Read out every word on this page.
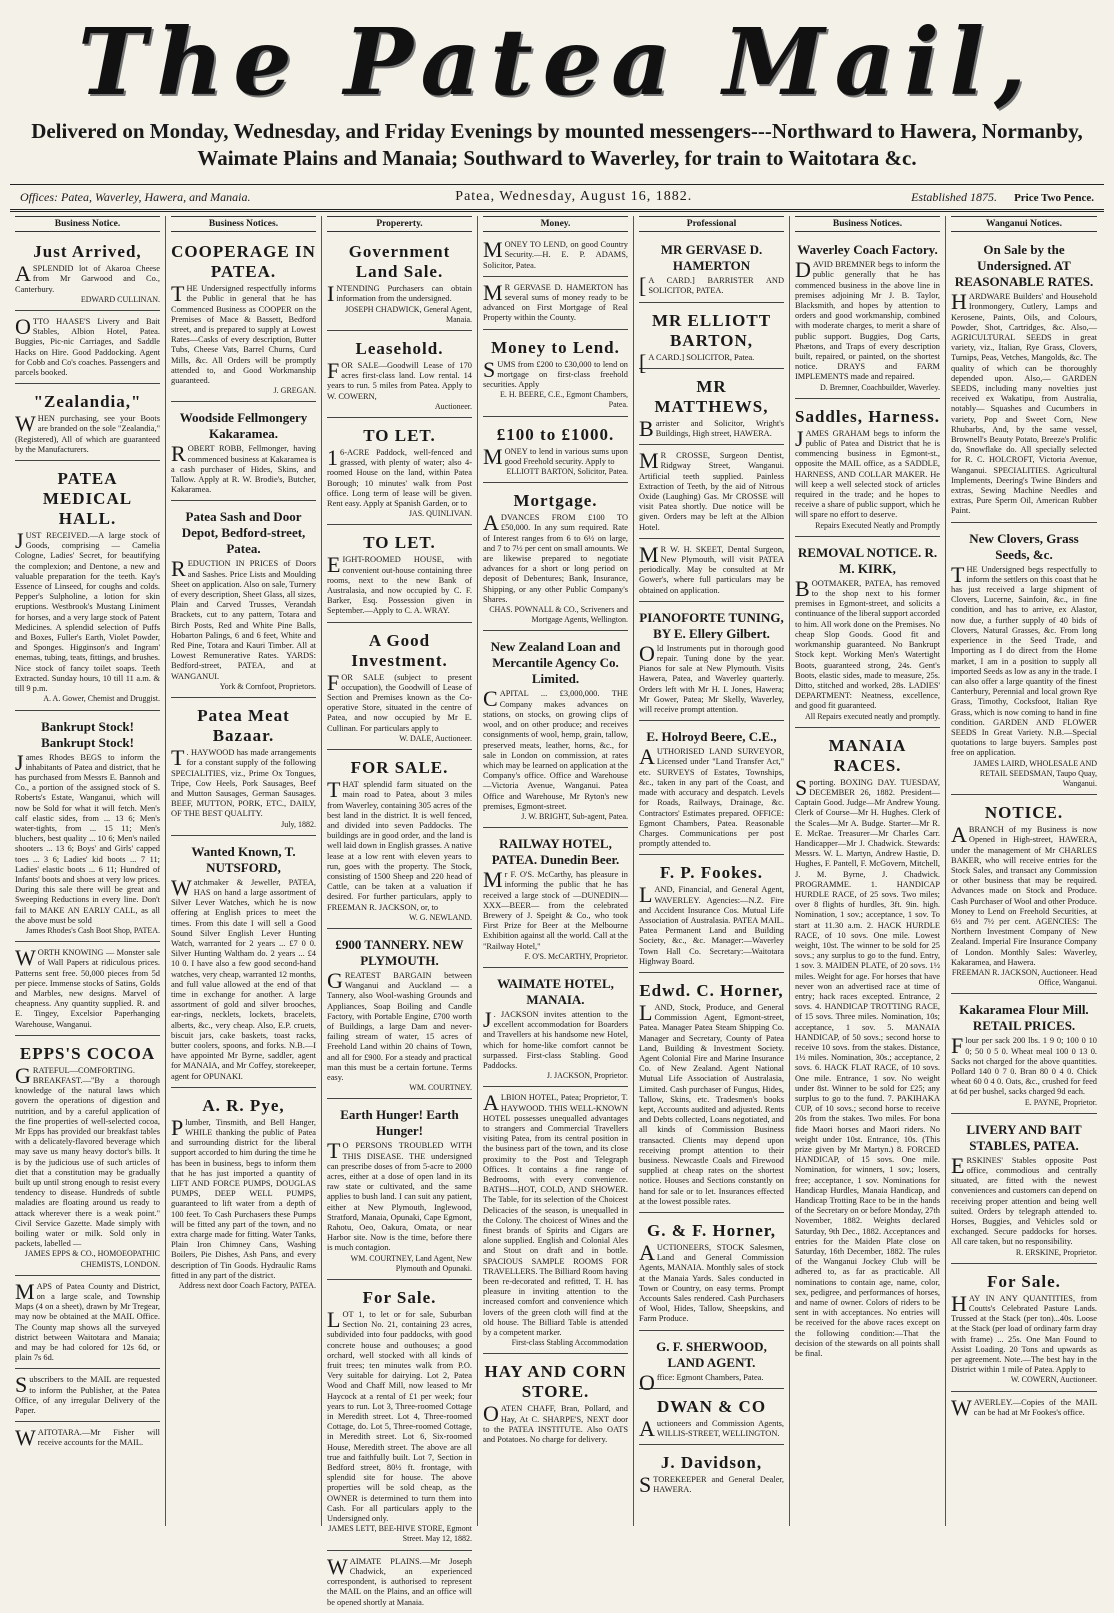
The Patea Mail,
Delivered on Monday, Wednesday, and Friday Evenings by mounted messengers---Northward to Hawera, Normanby, Waimate Plains and Manaia; Southward to Waverley, for train to Waitotara &c.
Offices: Patea, Waverley, Hawera, and Manaia.	Patea, Wednesday, August 16, 1882.	Established 1875. Price Two Pence.
Business Notice.
Just Arrived,
A SPLENDID lot of Akaroa Cheese from Mr Garwood and Co., Canterbury.
EDWARD CULLINAN.
OTTO HAASE'S Livery and Bait Stables, Albion Hotel, Patea. Buggies, Pic-nic Carriages, and Saddle Hacks on Hire. Good Paddocking. Agent for Cobb and Co's coaches. Passengers and parcels booked.
"Zealandia,"
WHEN purchasing, see your Boots are branded on the sole "Zealandia," (Registered), All of which are guaranteed by the Manufacturers.
PATEA MEDICAL HALL.
JUST RECEIVED.—A large stock of Goods, comprising — Camelia Cologne, Ladies' Secret, for beautifying the complexion; and Dentone, a new and valuable preparation for the teeth. Kay's Essence of Linseed, for coughs and colds. Pepper's Sulpholine, a lotion for skin eruptions. Westbrook's Mustang Liniment for horses, and a very large stock of Patent Medicines. A splendid selection of Puffs and Boxes, Fuller's Earth, Violet Powder, and Sponges. Higginson's and Ingram' enemas, tubing, teats, fittings, and brushes. Nice stock of fancy toilet soaps. Teeth Extracted. Sunday hours, 10 till 11 a.m. & till 9 p.m.
A. A. Gower, Chemist and Druggist.
Bankrupt Stock! Bankrupt Stock!
James Rhodes BEGS to inform the inhabitants of Patea and district, that he has purchased from Messrs E. Bannoh and Co., a portion of the assigned stock of S. Roberts's Estate, Wanganui, which will now be Sold for what it will fetch. Men's calf elastic sides, from ... 13 6; Men's water-tights, from ... 15 11; Men's bluchers, best quality ... 10 6; Men's nailed shooters ... 13 6; Boys' and Girls' capped toes ... 3 6; Ladies' kid boots ... 7 11; Ladies' elastic boots ... 6 11; Hundred of Infants' boots and shoes at very low prices. During this sale there will be great and Sweeping Reductions in every line. Don't fail to MAKE AN EARLY CALL, as all the above must be sold
James Rhodes's Cash Boot Shop, PATEA.
WORTH KNOWING — Monster sale of Wall Papers at ridiculous prices. Patterns sent free. 50,000 pieces from 5d per piece. Immense stocks of Satins, Golds and Marbles, new designs. Marvel of cheapness. Any quantity supplied. R. and E. Tingey, Excelsior Paperhanging Warehouse, Wanganui.
EPPS'S COCOA
GRATEFUL—COMFORTING. BREAKFAST.—"By a thorough knowledge of the natural laws which govern the operations of digestion and nutrition, and by a careful application of the fine properties of well-selected cocoa, Mr Epps has provided our breakfast tables with a delicately-flavored beverage which may save us many heavy doctor's bills. It is by the judicious use of such articles of diet that a constitution may be gradually built up until strong enough to resist every tendency to disease. Hundreds of subtle maladies are floating around us ready to attack wherever there is a weak point." Civil Service Gazette. Made simply with boiling water or milk. Sold only in packets, labelled —
JAMES EPPS & CO., HOMOEOPATHIC CHEMISTS, LONDON.
MAPS of Patea County and District, on a large scale, and Township Maps (4 on a sheet), drawn by Mr Tregear, may now be obtained at the MAIL Office. The County map shows all the surveyed district between Waitotara and Manaia; and may be had colored for 12s 6d, or plain 7s 6d.
Subscribers to the MAIL are requested to inform the Publisher, at the Patea Office, of any irregular Delivery of the Paper.
WAITOTARA.—Mr Fisher will receive accounts for the MAIL.
Business Notices.
COOPERAGE IN PATEA.
THE Undersigned respectfully informs the Public in general that he has Commenced Business as COOPER on the Premises of Mace & Bassett, Bedford street, and is prepared to supply at Lowest Rates—Casks of every description, Butter Tubs, Cheese Vats, Barrel Churns, Curd Mills, &c. All Orders will be promptly attended to, and Good Workmanship guaranteed.
J. GREGAN.
Woodside Fellmongery Kakaramea.
ROBERT ROBB, Fellmonger, having commenced business at Kakaramea is a cash purchaser of Hides, Skins, and Tallow. Apply at R. W. Brodie's, Butcher, Kakaramea.
Patea Sash and Door Depot, Bedford-street, Patea.
REDUCTION IN PRICES of Doors and Sashes. Price Lists and Moulding Sheet on application. Also on sale, Turnery of every description, Sheet Glass, all sizes, Plain and Carved Trusses, Verandah Brackets, cut to any pattern, Totara and Birch Posts, Red and White Pine Balls, Hobarton Palings, 6 and 6 feet, White and Red Pine, Totara and Kauri Timber. All at Lowest Remunerative Rates. YARDS: Bedford-street, PATEA, and at WANGANUI.
York & Cornfoot, Proprietors.
Patea Meat Bazaar.
T . HAYWOOD has made arrangements for a constant supply of the following SPECIALITIES, viz., Prime Ox Tongues, Tripe, Cow Heels, Pork Sausages, Beef and Mutton Sausages, German Sausages. BEEF, MUTTON, PORK, ETC., DAILY, OF THE BEST QUALITY.
July, 1882.
Wanted Known, T. NUTSFORD,
Watchmaker & Jeweller, PATEA, HAS on hand a large assortment of Silver Lever Watches, which he is now offering at English prices to meet the times. From this date I will sell a Good Sound Silver English Lever Hunting Watch, warranted for 2 years ... £7 0 0. Silver Hunting Waltham do. 2 years ... £4 10 0. I have also a few good second-hand watches, very cheap, warranted 12 months, and full value allowed at the end of that time in exchange for another. A large assortment of gold and silver brooches, ear-rings, necklets, lockets, bracelets, alberts, &c., very cheap. Also, E.P. cruets, biscuit jars, cake baskets, toast racks, butter coolers, spoons, and forks. N.B.—I have appointed Mr Byrne, saddler, agent for MANAIA, and Mr Coffey, storekeeper, agent for OPUNAKI.
A. R. Pye,
Plumber, Tinsmith, and Bell Hanger, WHILE thanking the public of Patea and surrounding district for the liberal support accorded to him during the time he has been in business, begs to inform them that he has just imported a quantity of LIFT AND FORCE PUMPS, DOUGLAS PUMPS, DEEP WELL PUMPS, guaranteed to lift water from a depth of 100 feet. To Cash Purchasers these Pumps will be fitted any part of the town, and no extra charge made for fitting. Water Tanks, Plain Iron Chimney Cans, Washing Boilers, Pie Dishes, Ash Pans, and every description of Tin Goods. Hydraulic Rams fitted in any part of the district.
Address next door Coach Factory, PATEA.
Propererty.
Government Land Sale.
INTENDING Purchasers can obtain information from the undersigned.
JOSEPH CHADWICK, General Agent, Manaia.
Leasehold.
FOR SALE—Goodwill Lease of 170 acres first-class land. Low rental. 14 years to run. 5 miles from Patea. Apply to W. COWERN,
Auctioneer.
TO LET.
1 6-ACRE Paddock, well-fenced and grassed, with plenty of water; also 4-roomed House on the land, within Patea Borough; 10 minutes' walk from Post office. Long term of lease will be given. Rent easy. Apply at Spanish Garden, or to
JAS. QUINLIVAN.
TO LET.
EIGHT-ROOMED HOUSE, with convenient out-house containing three rooms, next to the new Bank of Australasia, and now occupied by C. F. Barker, Esq. Possession given in September.—Apply to C. A. WRAY.
A Good Investment.
FOR SALE (subject to present occupation), the Goodwill of Lease of Section and Premises known as the Co-operative Store, situated in the centre of Patea, and now occupied by Mr E. Cullinan. For particulars apply to
W. DALE, Auctioneer.
FOR SALE.
THAT splendid farm situated on the main road to Patea, about 3 miles from Waverley, containing 305 acres of the best land in the district. It is well fenced, and divided into seven Paddocks. The buildings are in good order, and the land is well laid down in English grasses. A native lease at a low rent with eleven years to run, goes with the property. The Stock, consisting of 1500 Sheep and 220 head of Cattle, can be taken at a valuation if desired. For further particulars, apply to FREEMAN R. JACKSON, or, to
W. G. NEWLAND.
£900 TANNERY. NEW PLYMOUTH.
GREATEST BARGAIN between Wanganui and Auckland — a Tannery, also Wool-washing Grounds and Appliances, Soap Boiling and Candle Factory, with Portable Engine, £700 worth of Buildings, a large Dam and never-failing stream of water, 15 acres of Freehold Land within 20 chains of Town, and all for £900. For a steady and practical man this must be a certain fortune. Terms easy.
WM. COURTNEY.
Earth Hunger! Earth Hunger!
T O PERSONS TROUBLED WITH THIS DISEASE. THE undersigned can prescribe doses of from 5-acre to 2000 acres, either at a dose of open land in its raw state or cultivated, and the same applies to bush land. I can suit any patient, either at New Plymouth, Inglewood, Stratford, Manaia, Opunaki, Cape Egmont, Rahotu, Oeo, Oakura, Omata, or near Harbor site. Now is the time, before there is much contagion.
WM. COURTNEY, Land Agent, New Plymouth and Opunaki.
For Sale.
LOT 1, to let or for sale, Suburban Section No. 21, containing 23 acres, subdivided into four paddocks, with good concrete house and outhouses; a good orchard, well stocked with all kinds of fruit trees; ten minutes walk from P.O. Very suitable for dairying. Lot 2, Patea Wood and Chaff Mill, now leased to Mr Haycock at a rental of £1 per week; four years to run. Lot 3, Three-roomed Cottage in Meredith street. Lot 4, Three-roomed Cottage, do. Lot 5, Three-roomed Cottage, in Meredith street. Lot 6, Six-roomed House, Meredith street. The above are all true and faithfully built. Lot 7, Section in Bedford street, 80½ ft. frontage, with splendid site for house. The above properties will be sold cheap, as the OWNER is determined to turn them into Cash. For all particulars apply to the Undersigned only.
JAMES LETT, BEE-HIVE STORE, Egmont Street. May 12, 1882.
WAIMATE PLAINS.—Mr Joseph Chadwick, an experienced correspondent, is authorised to represent the MAIL on the Plains, and an office will be opened shortly at Manaia.
Money.
MONEY TO LEND, on good Country Security.—H. E. P. ADAMS, Solicitor, Patea.
M R GERVASE D. HAMERTON has several sums of money ready to be advanced on First Mortgage of Real Property within the County.
Money to Lend.
SUMS from £200 to £30,000 to lend on mortgage on first-class freehold securities. Apply
E. H. BEERE, C.E., Egmont Chambers, Patea.
£100 to £1000.
MONEY to lend in various sums upon good Freehold security. Apply to
ELLIOTT BARTON, Solicitor, Patea.
Mortgage.
ADVANCES FROM £100 TO £50,000. In any sum required. Rate of Interest ranges from 6 to 6½ on large, and 7 to 7½ per cent on small amounts. We are likewise prepared to negotiate advances for a short or long period on deposit of Debentures; Bank, Insurance, Shipping, or any other Public Company's Shares.
CHAS. POWNALL & CO., Scriveners and Mortgage Agents, Wellington.
New Zealand Loan and Mercantile Agency Co. Limited.
CAPITAL ... £3,000,000. THE Company makes advances on stations, on stocks, on growing clips of wool, and on other produce; and receives consignments of wool, hemp, grain, tallow, preserved meats, leather, horns, &c., for sale in London on commission, at rates which may be learned on application at the Company's office. Office and Warehouse—Victoria Avenue, Wanganui. Patea Office and Warehouse, Mr Ryton's new premises, Egmont-street.
J. W. BRIGHT, Sub-agent, Patea.
RAILWAY HOTEL, PATEA. Dunedin Beer.
Mr F. O'S. McCarthy, has pleasure in informing the public that he has received a large stock of —DUNEDIN—XXX—BEER— from the celebrated Brewery of J. Speight & Co., who took First Prize for Beer at the Melbourne Exhibition against all the world. Call at the "Railway Hotel,"
F. O'S. McCARTHY, Proprietor.
WAIMATE HOTEL, MANAIA.
J . JACKSON invites attention to the excellent accommodation for Boarders and Travellers at his handsome new Hotel, which for home-like comfort cannot be surpassed. First-class Stabling. Good Paddocks.
J. JACKSON, Proprietor.
ALBION HOTEL, Patea; Proprietor, T. HAYWOOD. THIS WELL-KNOWN HOTEL possesses unequalled advantages to strangers and Commercial Travellers visiting Patea, from its central position in the business part of the town, and its close proximity to the Post and Telegraph Offices. It contains a fine range of Bedrooms, with every convenience. BATHS—HOT, COLD, AND SHOWER. The Table, for its selection of the Choicest Delicacies of the season, is unequalled in the Colony. The choicest of Wines and the finest brands of Spirits and Cigars are alone supplied. English and Colonial Ales and Stout on draft and in bottle. SPACIOUS SAMPLE ROOMS FOR TRAVELLERS. The Billiard Room having been re-decorated and refitted, T. H. has pleasure in inviting attention to the increased comfort and convenience which lovers of the green cloth will find at the old house. The Billiard Table is attended by a competent marker.
First-class Stabling Accommodation
HAY AND CORN STORE.
OATEN CHAFF, Bran, Pollard, and Hay, At C. SHARPE'S, NEXT door to the PATEA INSTITUTE. Also OATS and Potatoes. No charge for delivery.
Professional
MR GERVASE D. HAMERTON
[ A CARD.] BARRISTER AND SOLICITOR, PATEA.
MR ELLIOTT BARTON,
[ A CARD.] SOLICITOR, Patea.
MR MATTHEWS,
Barrister and Solicitor, Wright's Buildings, High street, HAWERA.
M R CROSSE, Surgeon Dentist, Ridgway Street, Wanganui. Artificial teeth supplied. Painless Extraction of Teeth, by the aid of Nitrous Oxide (Laughing) Gas. Mr CROSSE will visit Patea shortly. Due notice will be given. Orders may be left at the Albion Hotel.
M R W. H. SKEET, Dental Surgeon, New Plymouth, will visit PATEA periodically. May be consulted at Mr Gower's, where full particulars may be obtained on application.
PIANOFORTE TUNING, BY E. Ellery Gilbert.
Old Instruments put in thorough good repair. Tuning done by the year. Pianos for sale at New Plymouth. Visits Hawera, Patea, and Waverley quarterly. Orders left with Mr H. I. Jones, Hawera; Mr Gower, Patea; Mr Skelly, Waverley, will receive prompt attention.
E. Holroyd Beere, C.E.,
AUTHORISED LAND SURVEYOR, Licensed under "Land Transfer Act," etc. SURVEYS of Estates, Townships, &c., taken in any part of the Coast, and made with accuracy and despatch. Levels for Roads, Railways, Drainage, &c. Contractors' Estimates prepared. OFFICE: Egmont Chambers, Patea. Reasonable Charges. Communications per post promptly attended to.
F. P. Fookes.
LAND, Financial, and General Agent, WAVERLEY. Agencies:—N.Z. Fire and Accident Insurance Cos. Mutual Life Association of Australasia. PATEA MAIL. Patea Permanent Land and Building Society, &c., &c. Manager:—Waverley Town Hall Co. Secretary:—Waitotara Highway Board.
Edwd. C. Horner,
LAND, Stock, Produce, and General Commission Agent, Egmont-street, Patea. Manager Patea Steam Shipping Co. Manager and Secretary, County of Patea Land, Building & Investment Society. Agent Colonial Fire and Marine Insurance Co. of New Zealand. Agent National Mutual Life Association of Australasia, Limited. Cash purchaser of Fungus, Hides, Tallow, Skins, etc. Tradesmen's books kept, Accounts audited and adjusted. Rents and Debts collected, Loans negotiated, and all kinds of Commission Business transacted. Clients may depend upon receiving prompt attention to their business. Newcastle Coals and Firewood supplied at cheap rates on the shortest notice. Houses and Sections constantly on hand for sale or to let. Insurances effected at the lowest possible rates.
G. & F. Horner,
AUCTIONEERS, STOCK Salesmen, Land and General Commission Agents, MANAIA. Monthly sales of stock at the Manaia Yards. Sales conducted in Town or Country, on easy terms. Prompt Accounts Sales rendered. Cash Purchasers of Wool, Hides, Tallow, Sheepskins, and Farm Produce.
G. F. SHERWOOD, LAND AGENT.
Office: Egmont Chambers, Patea.
DWAN & CO
Auctioneers and Commission Agents, WILLIS-STREET, WELLINGTON.
J. Davidson,
STOREKEEPER and General Dealer, HAWERA.
Business Notices.
Waverley Coach Factory.
DAVID BREMNER begs to inform the public generally that he has commenced business in the above line in premises adjoining Mr J. B. Taylor, Blacksmith, and hopes by attention to orders and good workmanship, combined with moderate charges, to merit a share of public support. Buggies, Dog Carts, Phætons, and Traps of every description built, repaired, or painted, on the shortest notice. DRAYS and FARM IMPLEMENTS made and repaired.
D. Bremner, Coachbuilder, Waverley.
Saddles, Harness.
JAMES GRAHAM begs to inform the public of Patea and District that he is commencing business in Egmont-st., opposite the MAIL office, as a SADDLE, HARNESS, AND COLLAR MAKER. He will keep a well selected stock of articles required in the trade; and he hopes to receive a share of public support, which he will spare no effort to deserve.
Repairs Executed Neatly and Promptly
REMOVAL NOTICE. R. M. KIRK,
BOOTMAKER, PATEA, has removed to the shop next to his former premises in Egmont-street, and solicits a continuance of the liberal support accorded to him. All work done on the Premises. No cheap Slop Goods. Good fit and workmanship guaranteed. No Bankrupt Stock kept. Working Men's Watertight Boots, guaranteed strong, 24s. Gent's Boots, elastic sides, made to measure, 25s. Ditto, stitched and worked, 28s. LADIES' DEPARTMENT: Neatness, excellence, and good fit guaranteed.
All Repairs executed neatly and promptly.
MANAIA RACES.
Sporting. BOXING DAY. TUESDAY, DECEMBER 26, 1882. President—Captain Good. Judge—Mr Andrew Young. Clerk of Course—Mr H. Hughes. Clerk of the Scales—Mr A. Budge. Starter—Mr R. E. McRae. Treasurer—Mr Charles Carr. Handicapper—Mr J. Chadwick. Stewards: Messrs. W. L. Martyn, Andrew Hastie, D. Hughes, F. Pantell, F. McGovern, Mitchell, J. M. Byrne, J. Chadwick. PROGRAMME. 1. HANDICAP HURDLE RACE, of 25 sovs. Two miles; over 8 flights of hurdles, 3ft. 9in. high. Nomination, 1 sov.; acceptance, 1 sov. To start at 11.30 a.m. 2. HACK HURDLE RACE, of 10 sovs. One mile. Lowest weight, 10st. The winner to be sold for 25 sovs.; any surplus to go to the fund. Entry, 1 sov. 3. MAIDEN PLATE, of 20 sovs. 1½ miles. Weight for age. For horses that have never won an advertised race at time of entry; hack races excepted. Entrance, 2 sovs. 4. HANDICAP TROTTING RACE, of 15 sovs. Three miles. Nomination, 10s; acceptance, 1 sov. 5. MANAIA HANDICAP, of 50 sovs.; second horse to receive 10 sovs. from the stakes. Distance, 1½ miles. Nomination, 30s.; acceptance, 2 sovs. 6. HACK FLAT RACE, of 10 sovs. One mile. Entrance, 1 sov. No weight under 8st. Winner to be sold for £25; any surplus to go to the fund. 7. PAKIHAKA CUP, of 10 sovs.; second horse to receive 20s from the stakes. Two miles. For bona fide Maori horses and Maori riders. No weight under 10st. Entrance, 10s. (This prize given by Mr Martyn.) 8. FORCED HANDICAP, of 15 sovs. One mile. Nomination, for winners, 1 sov.; losers, free; acceptance, 1 sov. Nominations for Handicap Hurdles, Manaia Handicap, and Handicap Trotting Race to be in the hands of the Secretary on or before Monday, 27th November, 1882. Weights declared Saturday, 9th Dec., 1882. Acceptances and entries for the Maiden Plate close on Saturday, 16th December, 1882. The rules of the Wanganui Jockey Club will be adhered to, as far as practicable. All nominations to contain age, name, color, sex, pedigree, and performances of horses, and name of owner. Colors of riders to be sent in with acceptances. No entries will be received for the above races except on the following condition:—That the decision of the stewards on all points shall be final.
Wanganui Notices.
On Sale by the Undersigned. AT REASONABLE RATES.
HARDWARE Builders' and Household Ironmongery, Cutlery, Lamps and Kerosene, Paints, Oils, and Colours, Powder, Shot, Cartridges, &c. Also,— AGRICULTURAL SEEDS in great variety, viz., Italian, Rye Grass, Clovers, Turnips, Peas, Vetches, Mangolds, &c. The quality of which can be thoroughly depended upon. Also,— GARDEN SEEDS, including many novelties just received ex Wakatipu, from Australia, notably— Squashes and Cucumbers in variety, Pop and Sweet Corn, New Rhubarbs, And, by the same vessel, Brownell's Beauty Potato, Breeze's Prolific do, Snowflake do. All specially selected for R. C. HOLCROFT, Victoria Avenue, Wanganui. SPECIALITIES. Agricultural Implements, Deering's Twine Binders and extras, Sewing Machine Needles and extras, Pure Sperm Oil, American Rubber Paint.
New Clovers, Grass Seeds, &c.
THE Undersigned begs respectfully to inform the settlers on this coast that he has just received a large shipment of Clovers, Lucerne, Sainfoin, &c., in fine condition, and has to arrive, ex Alastor, now due, a further supply of 40 bids of Clovers, Natural Grasses, &c. From long experience in the Seed Trade, and Importing as I do direct from the Home market, I am in a position to supply all imported Seeds as low as any in the trade. I can also offer a large quantity of the finest Canterbury, Perennial and local grown Rye Grass, Timothy, Cocksfoot, Italian Rye Grass, which is now coming to hand in fine condition. GARDEN AND FLOWER SEEDS In Great Variety. N.B.—Special quotations to large buyers. Samples post free on application.
JAMES LAIRD, WHOLESALE AND RETAIL SEEDSMAN, Taupo Quay, Wanganui.
NOTICE.
A BRANCH of my Business is now Opened in High-street, HAWERA, under the management of Mr CHARLES BAKER, who will receive entries for the Stock Sales, and transact any Commission or other business that may be required. Advances made on Stock and Produce. Cash Purchaser of Wool and other Produce. Money to Lend on Freehold Securities, at 6½ and 7½ per cent. AGENCIES: The Northern Investment Company of New Zealand. Imperial Fire Insurance Company of London. Monthly Sales: Waverley, Kakaramea, and Hawera.
FREEMAN R. JACKSON, Auctioneer. Head Office, Wanganui.
Kakaramea Flour Mill. RETAIL PRICES.
Flour per sack 200 lbs. 1 9 0; 100 0 10 0; 50 0 5 0. Wheat meal 100 0 13 0. Sacks not charged for the above quantities. Pollard 140 0 7 0. Bran 80 0 4 0. Chick wheat 60 0 4 0. Oats, &c., crushed for feed at 6d per bushel, sacks charged 9d each.
E. PAYNE, Proprietor.
LIVERY AND BAIT STABLES, PATEA.
ERSKINES' Stables opposite Post office, commodious and centrally situated, are fitted with the newest conveniences and customers can depend on receiving proper attention and being well suited. Orders by telegraph attended to. Horses, Buggies, and Vehicles sold or exchanged. Secure paddocks for horses. All care taken, but no responsibility.
R. ERSKINE, Proprietor.
For Sale.
HAY IN ANY QUANTITIES, from Coutts's Celebrated Pasture Lands. Trussed at the Stack (per ton)...40s. Loose at the Stack (per load of ordinary farm dray with frame) ... 25s. One Man Found to Assist Loading. 20 Tons and upwards as per agreement. Note.—The best hay in the District within 1 mile of Patea. Apply to
W. COWERN, Auctioneer.
WAVERLEY.—Copies of the MAIL can be had at Mr Fookes's office.
